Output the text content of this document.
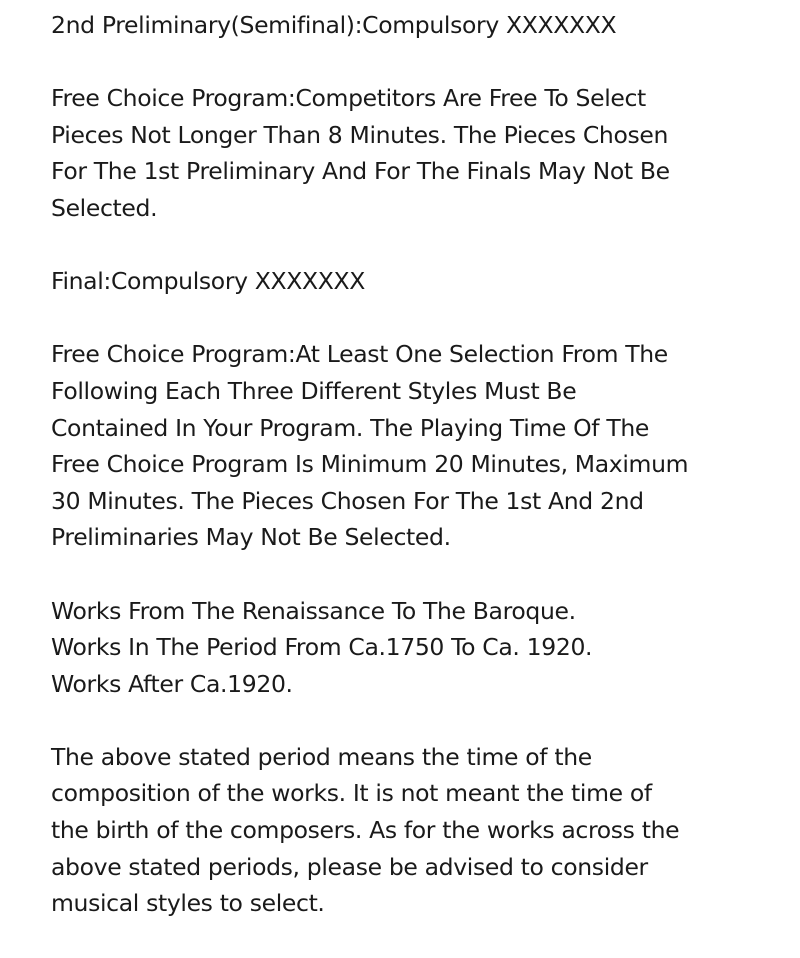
2nd Preliminary(Semifinal):Compulsory XXXXXXX

Free Choice Program:Competitors Are Free To Select
Pieces Not Longer Than 8 Minutes. The Pieces Chosen
For The 1st Preliminary And For The Finals May Not Be
Selected.

Final:Compulsory XXXXXXX

Free Choice Program:At Least One Selection From The
Following Each Three Different Styles Must Be
Contained In Your Program. The Playing Time Of The
Free Choice Program Is Minimum 20 Minutes, Maximum
30 Minutes. The Pieces Chosen For The 1st And 2nd
Preliminaries May Not Be Selected.

Works From The Renaissance To The Baroque.
Works In The Period From Ca.1750 To Ca. 1920.
Works After Ca.1920.

The above stated period means the time of the
composition of the works. It is not meant the time of
the birth of the composers. As for the works across the
above stated periods, please be advised to consider
musical styles to select.
